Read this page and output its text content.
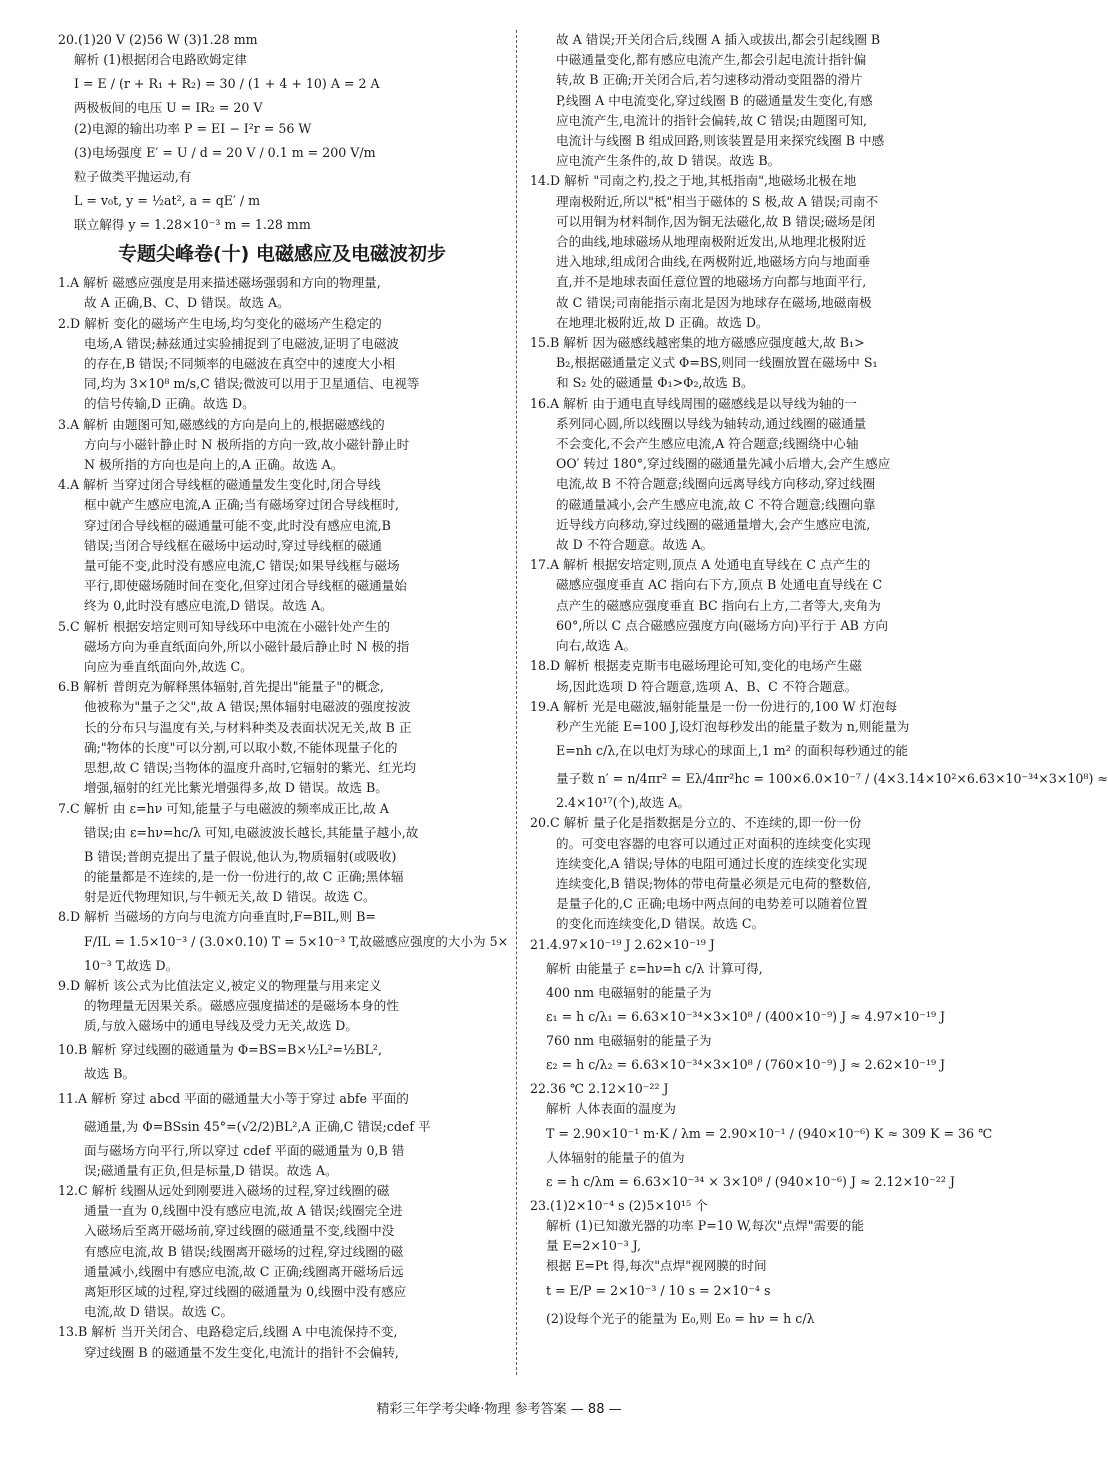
20.(1)20 V (2)56 W (3)1.28 mm
解析 (1)根据闭合电路欧姆定律
I = E / (r + R₁ + R₂) = 30 / (1 + 4 + 10) A = 2 A
两极板间的电压 U = IR₂ = 20 V
(2)电源的输出功率 P = EI − I²r = 56 W
(3)电场强度 E′ = U / d = 20 V / 0.1 m = 200 V/m
粒子做类平抛运动,有
L = v₀t, y = ½at², a = qE′ / m
联立解得 y = 1.28×10⁻³ m = 1.28 mm
专题尖峰卷(十) 电磁感应及电磁波初步
1.A 解析 磁感应强度是用来描述磁场强弱和方向的物理量,
故 A 正确,B、C、D 错误。故选 A。
2.D 解析 变化的磁场产生电场,均匀变化的磁场产生稳定的
电场,A 错误;赫兹通过实验捕捉到了电磁波,证明了电磁波
的存在,B 错误;不同频率的电磁波在真空中的速度大小相
同,均为 3×10⁸ m/s,C 错误;微波可以用于卫星通信、电视等
的信号传输,D 正确。故选 D。
3.A 解析 由题图可知,磁感线的方向是向上的,根据磁感线的
方向与小磁针静止时 N 极所指的方向一致,故小磁针静止时
N 极所指的方向也是向上的,A 正确。故选 A。
4.A 解析 当穿过闭合导线框的磁通量发生变化时,闭合导线
框中就产生感应电流,A 正确;当有磁场穿过闭合导线框时,
穿过闭合导线框的磁通量可能不变,此时没有感应电流,B
错误;当闭合导线框在磁场中运动时,穿过导线框的磁通
量可能不变,此时没有感应电流,C 错误;如果导线框与磁场
平行,即使磁场随时间在变化,但穿过闭合导线框的磁通量始
终为 0,此时没有感应电流,D 错误。故选 A。
5.C 解析 根据安培定则可知导线环中电流在小磁针处产生的
磁场方向为垂直纸面向外,所以小磁针最后静止时 N 极的指
向应为垂直纸面向外,故选 C。
6.B 解析 普朗克为解释黑体辐射,首先提出"能量子"的概念,
他被称为"量子之父",故 A 错误;黑体辐射电磁波的强度按波
长的分布只与温度有关,与材料种类及表面状况无关,故 B 正
确;"物体的长度"可以分割,可以取小数,不能体现量子化的
思想,故 C 错误;当物体的温度升高时,它辐射的紫光、红光均
增强,辐射的红光比紫光增强得多,故 D 错误。故选 B。
7.C 解析 由 ε=hν 可知,能量子与电磁波的频率成正比,故 A
错误;由 ε=hν=hc/λ 可知,电磁波波长越长,其能量子越小,故
B 错误;普朗克提出了量子假说,他认为,物质辐射(或吸收)
的能量都是不连续的,是一份一份进行的,故 C 正确;黑体辐
射是近代物理知识,与牛顿无关,故 D 错误。故选 C。
8.D 解析 当磁场的方向与电流方向垂直时,F=BIL,则 B=
F/IL = 1.5×10⁻³ / (3.0×0.10) T = 5×10⁻³ T,故磁感应强度的大小为 5×
10⁻³ T,故选 D。
9.D 解析 该公式为比值法定义,被定义的物理量与用来定义
的物理量无因果关系。磁感应强度描述的是磁场本身的性
质,与放入磁场中的通电导线及受力无关,故选 D。
10.B 解析 穿过线圈的磁通量为 Φ=BS=B×½L²=½BL²,
故选 B。
11.A 解析 穿过 abcd 平面的磁通量大小等于穿过 abfe 平面的
磁通量,为 Φ=BSsin 45°=(√2/2)BL²,A 正确,C 错误;cdef 平
面与磁场方向平行,所以穿过 cdef 平面的磁通量为 0,B 错
误;磁通量有正负,但是标量,D 错误。故选 A。
12.C 解析 线圈从远处到刚要进入磁场的过程,穿过线圈的磁
通量一直为 0,线圈中没有感应电流,故 A 错误;线圈完全进
入磁场后至离开磁场前,穿过线圈的磁通量不变,线圈中没
有感应电流,故 B 错误;线圈离开磁场的过程,穿过线圈的磁
通量减小,线圈中有感应电流,故 C 正确;线圈离开磁场后远
离矩形区域的过程,穿过线圈的磁通量为 0,线圈中没有感应
电流,故 D 错误。故选 C。
13.B 解析 当开关闭合、电路稳定后,线圈 A 中电流保持不变,
穿过线圈 B 的磁通量不发生变化,电流计的指针不会偏转,
故 A 错误;开关闭合后,线圈 A 插入或拔出,都会引起线圈 B
中磁通量变化,都有感应电流产生,都会引起电流计指针偏
转,故 B 正确;开关闭合后,若匀速移动滑动变阻器的滑片
P,线圈 A 中电流变化,穿过线圈 B 的磁通量发生变化,有感
应电流产生,电流计的指针会偏转,故 C 错误;由题图可知,
电流计与线圈 B 组成回路,则该装置是用来探究线圈 B 中感
应电流产生条件的,故 D 错误。故选 B。
14.D 解析 "司南之杓,投之于地,其柢指南",地磁场北极在地
理南极附近,所以"柢"相当于磁体的 S 极,故 A 错误;司南不
可以用铜为材料制作,因为铜无法磁化,故 B 错误;磁场是闭
合的曲线,地球磁场从地理南极附近发出,从地理北极附近
进入地球,组成闭合曲线,在两极附近,地磁场方向与地面垂
直,并不是地球表面任意位置的地磁场方向都与地面平行,
故 C 错误;司南能指示南北是因为地球存在磁场,地磁南极
在地理北极附近,故 D 正确。故选 D。
15.B 解析 因为磁感线越密集的地方磁感应强度越大,故 B₁>
B₂,根据磁通量定义式 Φ=BS,则同一线圈放置在磁场中 S₁
和 S₂ 处的磁通量 Φ₁>Φ₂,故选 B。
16.A 解析 由于通电直导线周围的磁感线是以导线为轴的一
系列同心圆,所以线圈以导线为轴转动,通过线圈的磁通量
不会变化,不会产生感应电流,A 符合题意;线圈绕中心轴
OO′ 转过 180°,穿过线圈的磁通量先减小后增大,会产生感应
电流,故 B 不符合题意;线圈向远离导线方向移动,穿过线圈
的磁通量减小,会产生感应电流,故 C 不符合题意;线圈向靠
近导线方向移动,穿过线圈的磁通量增大,会产生感应电流,
故 D 不符合题意。故选 A。
17.A 解析 根据安培定则,顶点 A 处通电直导线在 C 点产生的
磁感应强度垂直 AC 指向右下方,顶点 B 处通电直导线在 C
点产生的磁感应强度垂直 BC 指向右上方,二者等大,夹角为
60°,所以 C 点合磁感应强度方向(磁场方向)平行于 AB 方向
向右,故选 A。
18.D 解析 根据麦克斯韦电磁场理论可知,变化的电场产生磁
场,因此选项 D 符合题意,选项 A、B、C 不符合题意。
19.A 解析 光是电磁波,辐射能量是一份一份进行的,100 W 灯泡每
秒产生光能 E=100 J,设灯泡每秒发出的能量子数为 n,则能量为
E=nh c/λ,在以电灯为球心的球面上,1 m² 的面积每秒通过的能
量子数 n′ = n/4πr² = Eλ/4πr²hc = 100×6.0×10⁻⁷ / (4×3.14×10²×6.63×10⁻³⁴×3×10⁸) ≈
2.4×10¹⁷(个),故选 A。
20.C 解析 量子化是指数据是分立的、不连续的,即一份一份
的。可变电容器的电容可以通过正对面积的连续变化实现
连续变化,A 错误;导体的电阻可通过长度的连续变化实现
连续变化,B 错误;物体的带电荷量必须是元电荷的整数倍,
是量子化的,C 正确;电场中两点间的电势差可以随着位置
的变化而连续变化,D 错误。故选 C。
21.4.97×10⁻¹⁹ J 2.62×10⁻¹⁹ J
解析 由能量子 ε=hν=h c/λ 计算可得,
400 nm 电磁辐射的能量子为
ε₁ = h c/λ₁ = 6.63×10⁻³⁴×3×10⁸ / (400×10⁻⁹) J ≈ 4.97×10⁻¹⁹ J
760 nm 电磁辐射的能量子为
ε₂ = h c/λ₂ = 6.63×10⁻³⁴×3×10⁸ / (760×10⁻⁹) J ≈ 2.62×10⁻¹⁹ J
22.36 ℃ 2.12×10⁻²² J
解析 人体表面的温度为
T = 2.90×10⁻¹ m·K / λm = 2.90×10⁻¹ / (940×10⁻⁶) K ≈ 309 K = 36 ℃
人体辐射的能量子的值为
ε = h c/λm = 6.63×10⁻³⁴ × 3×10⁸ / (940×10⁻⁶) J ≈ 2.12×10⁻²² J
23.(1)2×10⁻⁴ s (2)5×10¹⁵ 个
解析 (1)已知激光器的功率 P=10 W,每次"点焊"需要的能
量 E=2×10⁻³ J,
根据 E=Pt 得,每次"点焊"视网膜的时间
t = E/P = 2×10⁻³ / 10 s = 2×10⁻⁴ s
(2)设每个光子的能量为 E₀,则 E₀ = hν = h c/λ
精彩三年学考尖峰·物理 参考答案 — 88 —
